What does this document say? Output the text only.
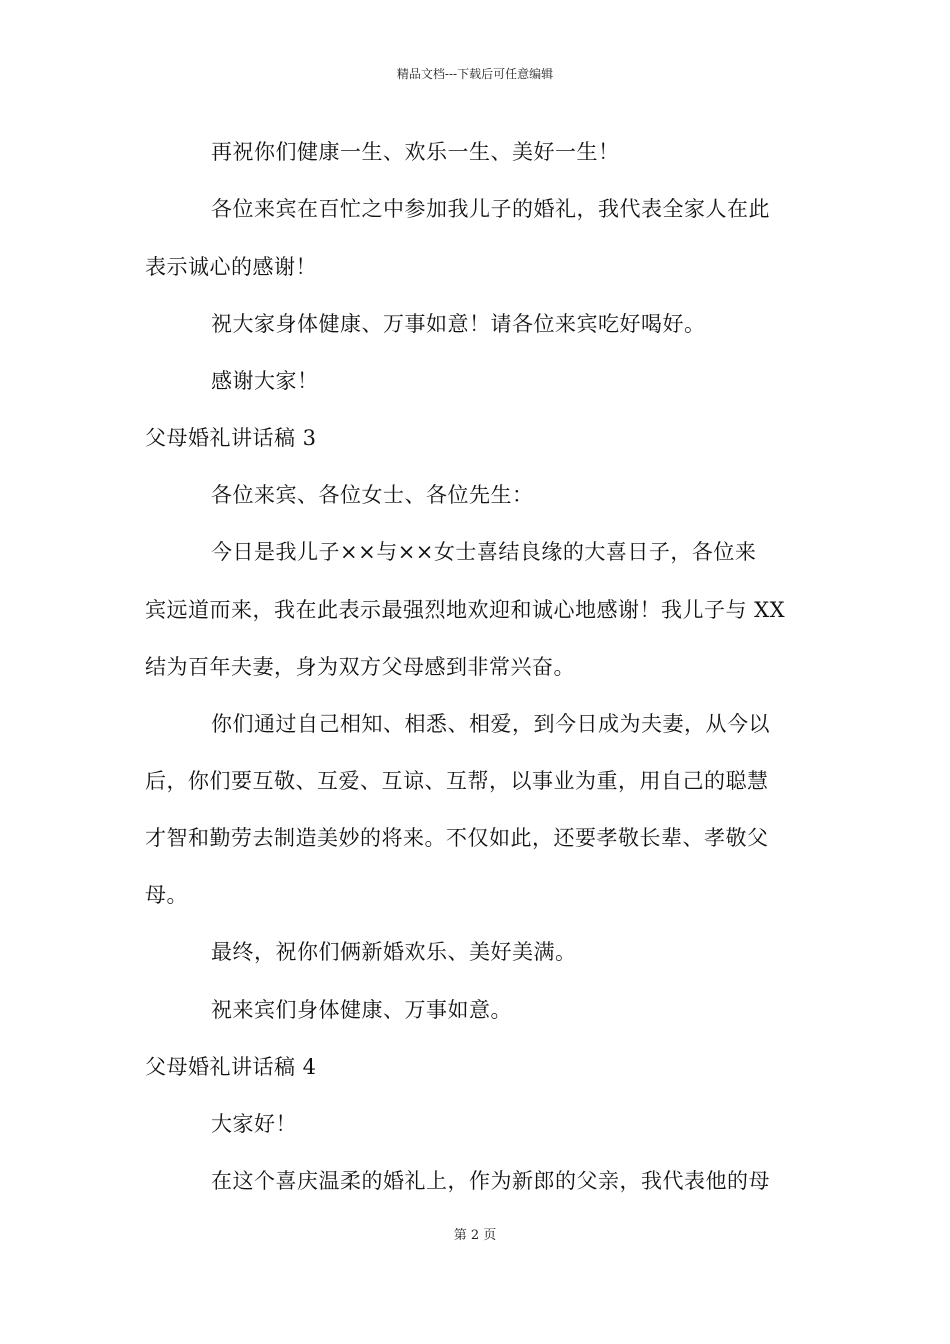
精品文档---下载后可任意编辑
再祝你们健康一生、欢乐一生、美好一生！
各位来宾在百忙之中参加我儿子的婚礼，我代表全家人在此
表示诚心的感谢！
祝大家身体健康、万事如意！请各位来宾吃好喝好。
感谢大家！
父母婚礼讲话稿 3
各位来宾、各位女士、各位先生：
今日是我儿子××与××女士喜结良缘的大喜日子，各位来
宾远道而来，我在此表示最强烈地欢迎和诚心地感谢！我儿子与 XX
结为百年夫妻，身为双方父母感到非常兴奋。
你们通过自己相知、相悉、相爱，到今日成为夫妻，从今以
后，你们要互敬、互爱、互谅、互帮，以事业为重，用自己的聪慧
才智和勤劳去制造美妙的将来。不仅如此，还要孝敬长辈、孝敬父
母。
最终，祝你们俩新婚欢乐、美好美满。
祝来宾们身体健康、万事如意。
父母婚礼讲话稿 4
大家好！
在这个喜庆温柔的婚礼上，作为新郎的父亲，我代表他的母
第 2 页
